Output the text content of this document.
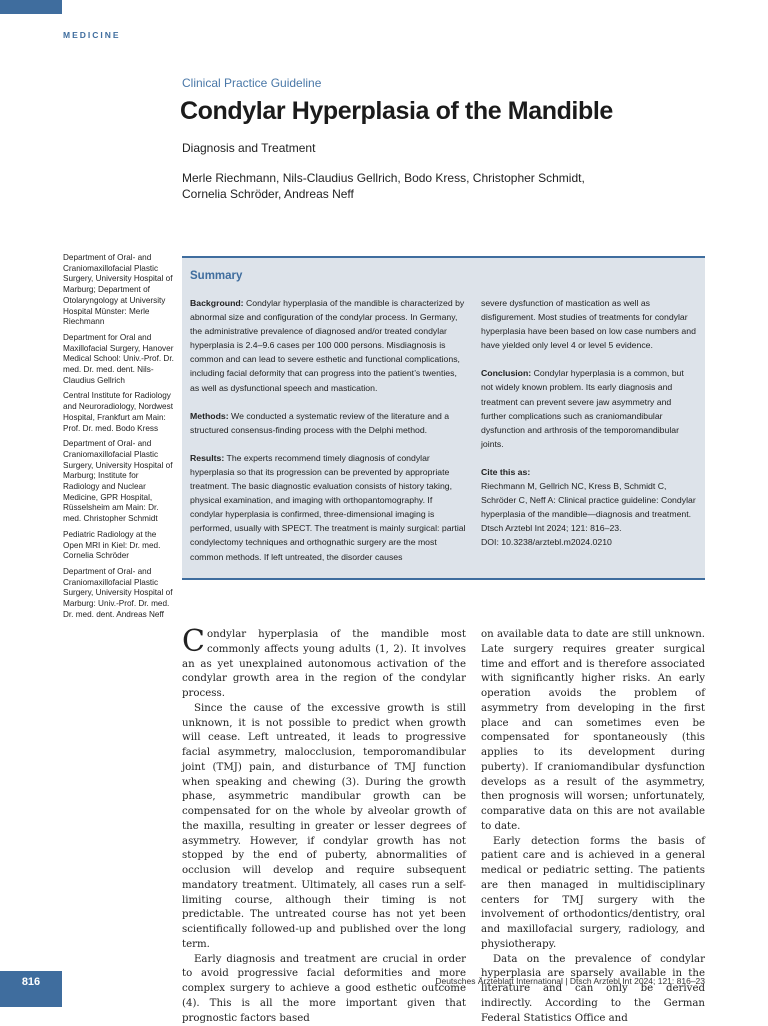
MEDICINE
Clinical Practice Guideline
Condylar Hyperplasia of the Mandible
Diagnosis and Treatment
Merle Riechmann, Nils-Claudius Gellrich, Bodo Kress, Christopher Schmidt,
Cornelia Schröder, Andreas Neff
Department of Oral- and Craniomaxillofacial Plastic Surgery, University Hospital of Marburg; Department of Otolaryngology at University Hospital Münster: Merle Riechmann
Department for Oral and Maxillofacial Surgery, Hanover Medical School: Univ.-Prof. Dr. med. Dr. med. dent. Nils-Claudius Gellrich
Central Institute for Radiology and Neuroradiology, Nordwest Hospital, Frankfurt am Main: Prof. Dr. med. Bodo Kress
Department of Oral- and Craniomaxillofacial Plastic Surgery, University Hospital of Marburg; Institute for Radiology and Nuclear Medicine, GPR Hospital, Rüsselsheim am Main: Dr. med. Christopher Schmidt
Pediatric Radiology at the Open MRI in Kiel: Dr. med. Cornelia Schröder
Department of Oral- and Craniomaxillofacial Plastic Surgery, University Hospital of Marburg: Univ.-Prof. Dr. med. Dr. med. dent. Andreas Neff
Summary

Background: Condylar hyperplasia of the mandible is characterized by abnormal size and configuration of the condylar process. In Germany, the administrative prevalence of diagnosed and/or treated condylar hyperplasia is 2.4–9.6 cases per 100 000 persons. Misdiagnosis is common and can lead to severe esthetic and functional complications, including facial deformity that can progress into the patient’s twenties, as well as dysfunctional speech and mastication.

Methods: We conducted a systematic review of the literature and a structured consensus-finding process with the Delphi method.

Results: The experts recommend timely diagnosis of condylar hyperplasia so that its progression can be prevented by appropriate treatment. The basic diagnostic evaluation consists of history taking, physical examination, and imaging with orthopantomography. If condylar hyperplasia is confirmed, three-dimensional imaging is performed, usually with SPECT. The treatment is mainly surgical: partial condylectomy techniques and orthognathic surgery are the most common methods. If left untreated, the disorder causes

severe dysfunction of mastication as well as disfigurement. Most studies of treatments for condylar hyperplasia have been based on low case numbers and have yielded only level 4 or level 5 evidence.

Conclusion: Condylar hyperplasia is a common, but not widely known problem. Its early diagnosis and treatment can prevent severe jaw asymmetry and further complications such as craniomandibular dysfunction and arthrosis of the temporomandibular joints.

Cite this as:
Riechmann M, Gellrich NC, Kress B, Schmidt C, Schröder C, Neff A: Clinical practice guideline: Condylar hyperplasia of the mandible—diagnosis and treatment. Dtsch Arztebl Int 2024; 121: 816–23.
DOI: 10.3238/arztebl.m2024.0210

Condylar hyperplasia of the mandible most commonly affects young adults (1, 2). It involves an as yet unexplained autonomous activation of the condylar growth area in the region of the condylar process.

Since the cause of the excessive growth is still unknown, it is not possible to predict when growth will cease. Left untreated, it leads to progressive facial asymmetry, malocclusion, temporomandibular joint (TMJ) pain, and disturbance of TMJ function when speaking and chewing (3). During the growth phase, asymmetric mandibular growth can be compensated for on the whole by alveolar growth of the maxilla, resulting in greater or lesser degrees of asymmetry. However, if condylar growth has not stopped by the end of puberty, abnormalities of occlusion will develop and require subsequent mandatory treatment. Ultimately, all cases run a self-limiting course, although their timing is not predictable. The untreated course has not yet been scientifically followed-up and published over the long term.

Early diagnosis and treatment are crucial in order to avoid progressive facial deformities and more complex surgery to achieve a good esthetic outcome (4). This is all the more important given that prognostic factors based

on available data to date are still unknown. Late surgery requires greater surgical time and effort and is therefore associated with significantly higher risks. An early operation avoids the problem of asymmetry from developing in the first place and can sometimes even be compensated for spontaneously (this applies to its development during puberty). If craniomandibular dysfunction develops as a result of the asymmetry, then prognosis will worsen; unfortunately, comparative data on this are not available to date.

Early detection forms the basis of patient care and is achieved in a general medical or pediatric setting. The patients are then managed in multidisciplinary centers for TMJ surgery with the involvement of orthodontics/dentistry, oral and maxillofacial surgery, radiology, and physiotherapy.

Data on the prevalence of condylar hyperplasia are sparsely available in the literature and can only be derived indirectly. According to the German Federal Statistics Office and

816	Deutsches Ärzteblatt International | Dtsch Arztebl Int 2024; 121: 816–23
